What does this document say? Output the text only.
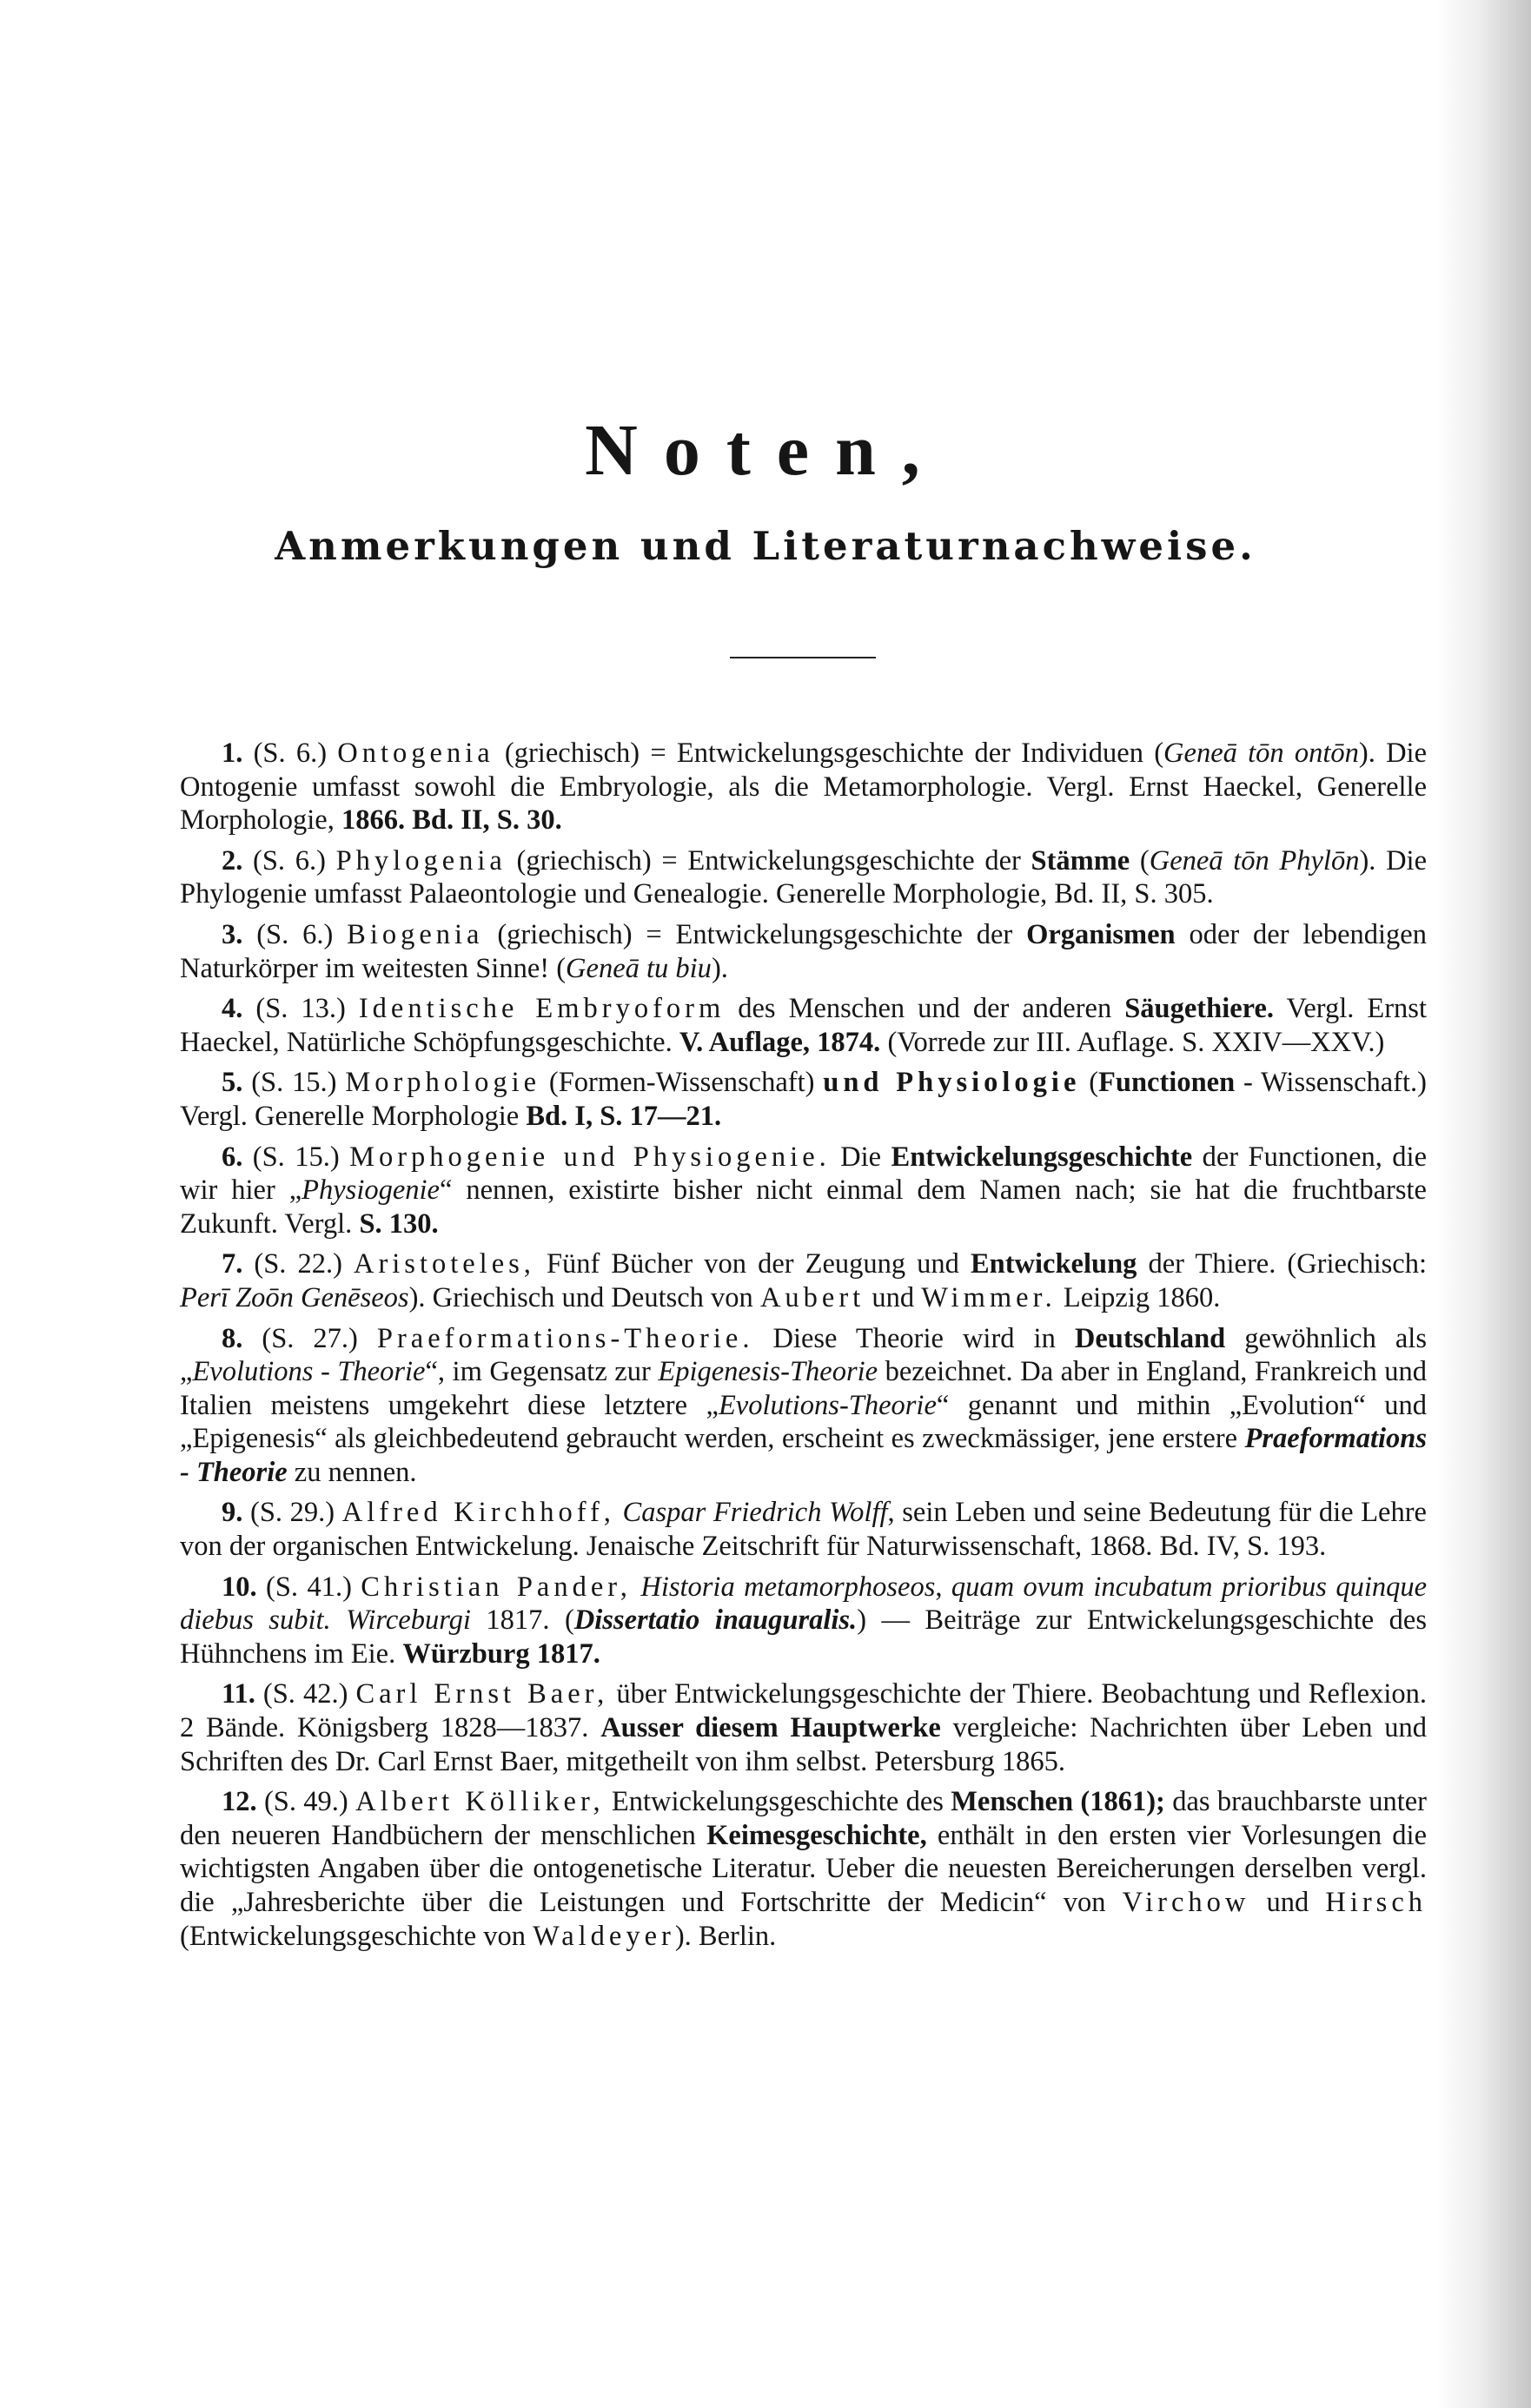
Noten,
Anmerkungen und Literaturnachweise.

1. (S. 6.) Ontogenia (griechisch) = Entwickelungsgeschichte der Individuen (Geneā tōn ontōn). Die Ontogenie umfasst sowohl die Embryologie, als die Metamorphologie. Vergl. Ernst Haeckel, Generelle Morphologie, 1866. Bd. II, S. 30.

2. (S. 6.) Phylogenia (griechisch) = Entwickelungsgeschichte der Stämme (Geneā tōn Phylōn). Die Phylogenie umfasst Palaeontologie und Genealogie. Generelle Morphologie, Bd. II, S. 305.

3. (S. 6.) Biogenia (griechisch) = Entwickelungsgeschichte der Organismen oder der lebendigen Naturkörper im weitesten Sinne! (Geneā tu biu).

4. (S. 13.) Identische Embryoform des Menschen und der anderen Säugethiere. Vergl. Ernst Haeckel, Natürliche Schöpfungsgeschichte. V. Auflage, 1874. (Vorrede zur III. Auflage. S. XXIV—XXV.)

5. (S. 15.) Morphologie (Formen-Wissenschaft) und Physiologie (Functionen - Wissenschaft.) Vergl. Generelle Morphologie Bd. I, S. 17—21.

6. (S. 15.) Morphogenie und Physiogenie. Die Entwickelungsgeschichte der Functionen, die wir hier „Physiogenie“ nennen, existirte bisher nicht einmal dem Namen nach; sie hat die fruchtbarste Zukunft. Vergl. S. 130.

7. (S. 22.) Aristoteles, Fünf Bücher von der Zeugung und Entwickelung der Thiere. (Griechisch: Perī Zoōn Genēseos). Griechisch und Deutsch von Aubert und Wimmer. Leipzig 1860.

8. (S. 27.) Praeformations-Theorie. Diese Theorie wird in Deutschland gewöhnlich als „Evolutions - Theorie“, im Gegensatz zur Epigenesis-Theorie bezeichnet. Da aber in England, Frankreich und Italien meistens umgekehrt diese letztere „Evolutions-Theorie“ genannt und mithin „Evolution“ und „Epigenesis“ als gleichbedeutend gebraucht werden, erscheint es zweckmässiger, jene erstere Praeformations - Theorie zu nennen.

9. (S. 29.) Alfred Kirchhoff, Caspar Friedrich Wolff, sein Leben und seine Bedeutung für die Lehre von der organischen Entwickelung. Jenaische Zeitschrift für Naturwissenschaft, 1868. Bd. IV, S. 193.

10. (S. 41.) Christian Pander, Historia metamorphoseos, quam ovum incubatum prioribus quinque diebus subit. Wirceburgi 1817. (Dissertatio inauguralis.) — Beiträge zur Entwickelungsgeschichte des Hühnchens im Eie. Würzburg 1817.

11. (S. 42.) Carl Ernst Baer, über Entwickelungsgeschichte der Thiere. Beobachtung und Reflexion. 2 Bände. Königsberg 1828—1837. Ausser diesem Hauptwerke vergleiche: Nachrichten über Leben und Schriften des Dr. Carl Ernst Baer, mitgetheilt von ihm selbst. Petersburg 1865.

12. (S. 49.) Albert Kölliker, Entwickelungsgeschichte des Menschen (1861); das brauchbarste unter den neueren Handbüchern der menschlichen Keimesgeschichte, enthält in den ersten vier Vorlesungen die wichtigsten Angaben über die ontogenetische Literatur. Ueber die neuesten Bereicherungen derselben vergl. die „Jahresberichte über die Leistungen und Fortschritte der Medicin“ von Virchow und Hirsch (Entwickelungsgeschichte von Waldeyer). Berlin.
